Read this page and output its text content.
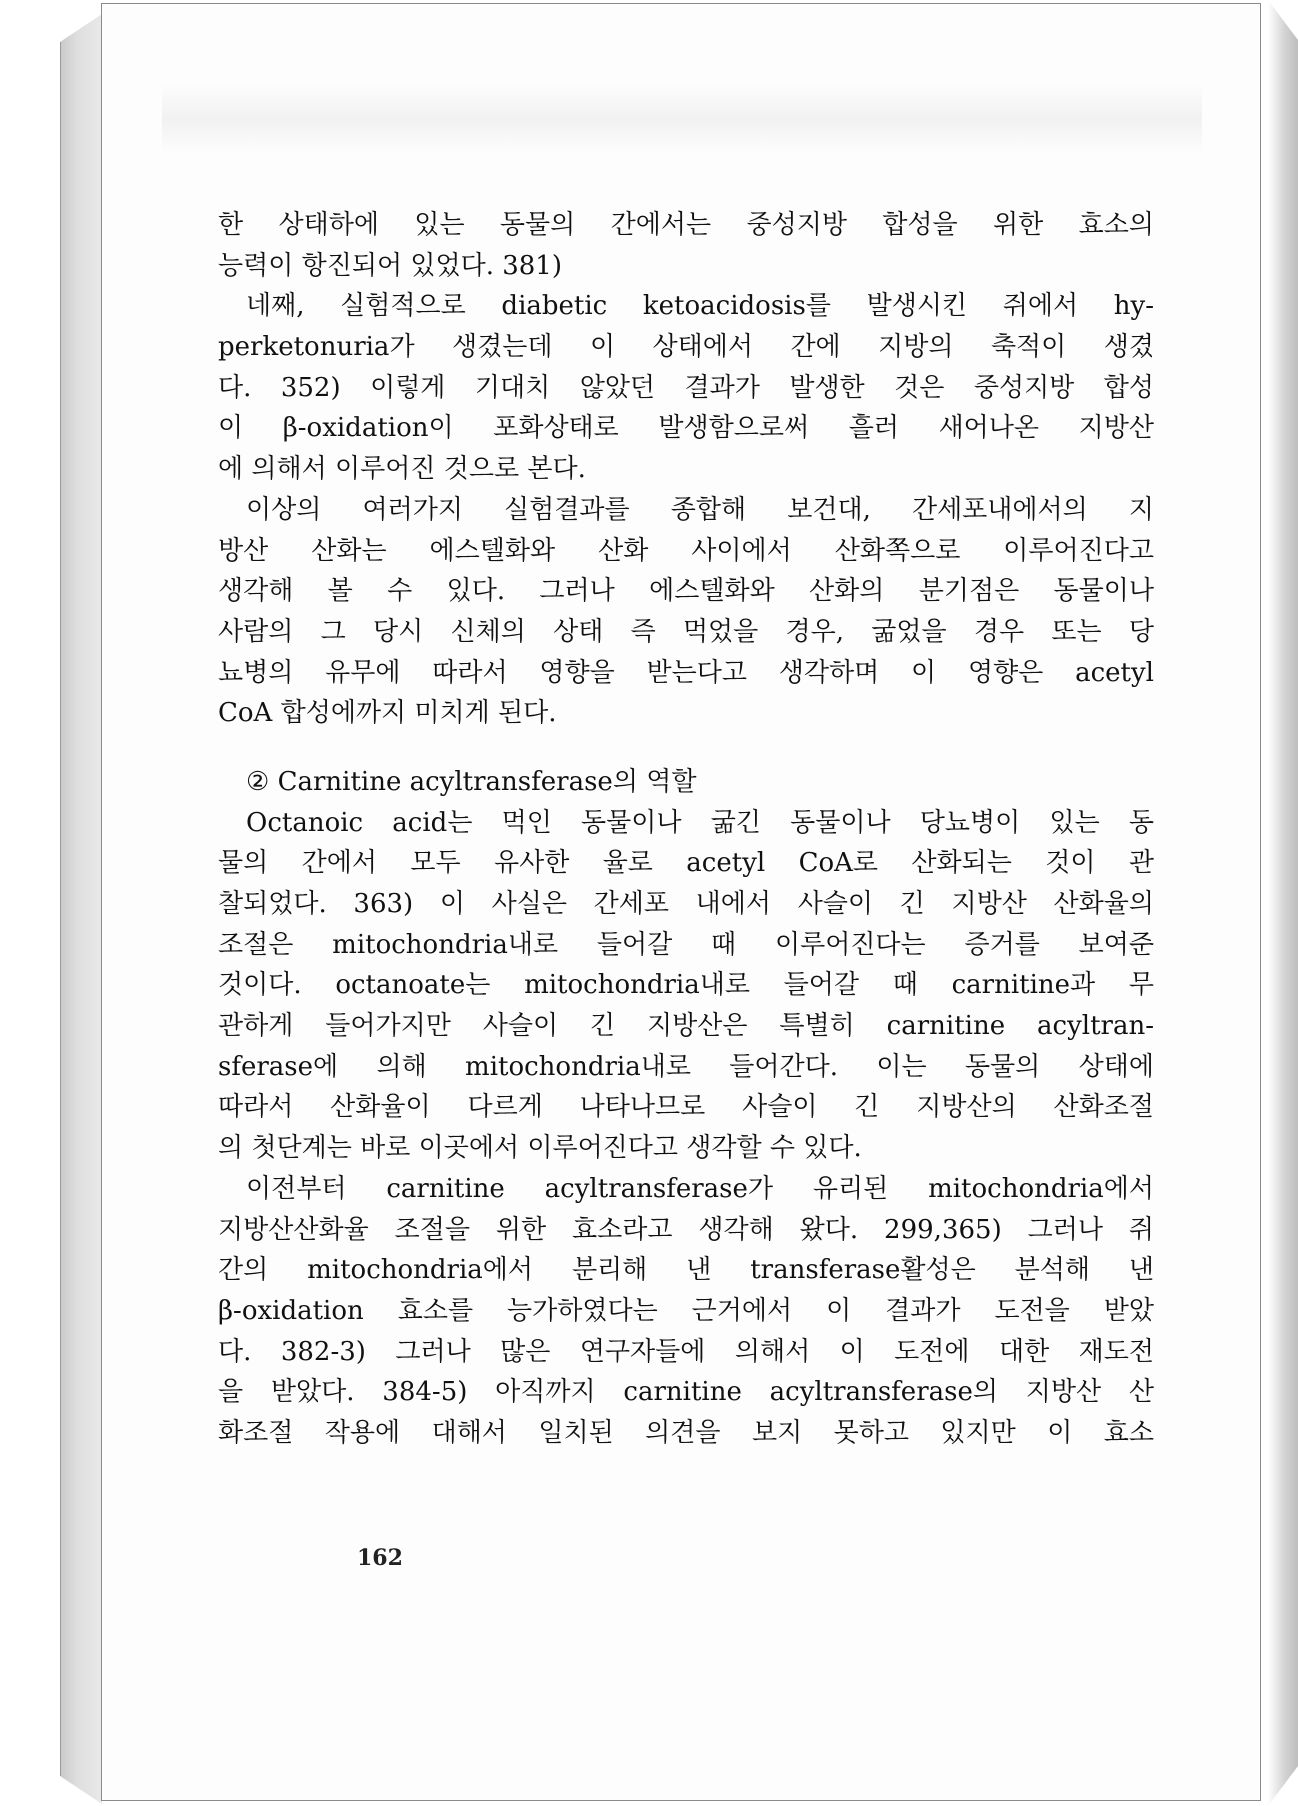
한 상태하에 있는 동물의 간에서는 중성지방 합성을 위한 효소의
능력이 항진되어 있었다. 381)
네째, 실험적으로 diabetic ketoacidosis를 발생시킨 쥐에서 hy-
perketonuria가 생겼는데 이 상태에서 간에 지방의 축적이 생겼
다. 352) 이렇게 기대치 않았던 결과가 발생한 것은 중성지방 합성
이 β-oxidation이 포화상태로 발생함으로써 흘러 새어나온 지방산
에 의해서 이루어진 것으로 본다.
이상의 여러가지 실험결과를 종합해 보건대, 간세포내에서의 지
방산 산화는 에스텔화와 산화 사이에서 산화쪽으로 이루어진다고
생각해 볼 수 있다. 그러나 에스텔화와 산화의 분기점은 동물이나
사람의 그 당시 신체의 상태 즉 먹었을 경우, 굶었을 경우 또는 당
뇨병의 유무에 따라서 영향을 받는다고 생각하며 이 영향은 acetyl
CoA 합성에까지 미치게 된다.
② Carnitine acyltransferase의 역할
Octanoic acid는 먹인 동물이나 굶긴 동물이나 당뇨병이 있는 동
물의 간에서 모두 유사한 율로 acetyl CoA로 산화되는 것이 관
찰되었다. 363) 이 사실은 간세포 내에서 사슬이 긴 지방산 산화율의
조절은 mitochondria내로 들어갈 때 이루어진다는 증거를 보여준
것이다. octanoate는 mitochondria내로 들어갈 때 carnitine과 무
관하게 들어가지만 사슬이 긴 지방산은 특별히 carnitine acyltran-
sferase에 의해 mitochondria내로 들어간다. 이는 동물의 상태에
따라서 산화율이 다르게 나타나므로 사슬이 긴 지방산의 산화조절
의 첫단계는 바로 이곳에서 이루어진다고 생각할 수 있다.
이전부터 carnitine acyltransferase가 유리된 mitochondria에서
지방산산화율 조절을 위한 효소라고 생각해 왔다. 299,365) 그러나 쥐
간의 mitochondria에서 분리해 낸 transferase활성은 분석해 낸
β-oxidation 효소를 능가하였다는 근거에서 이 결과가 도전을 받았
다. 382-3) 그러나 많은 연구자들에 의해서 이 도전에 대한 재도전
을 받았다. 384-5) 아직까지 carnitine acyltransferase의 지방산 산
화조절 작용에 대해서 일치된 의견을 보지 못하고 있지만 이 효소
162
